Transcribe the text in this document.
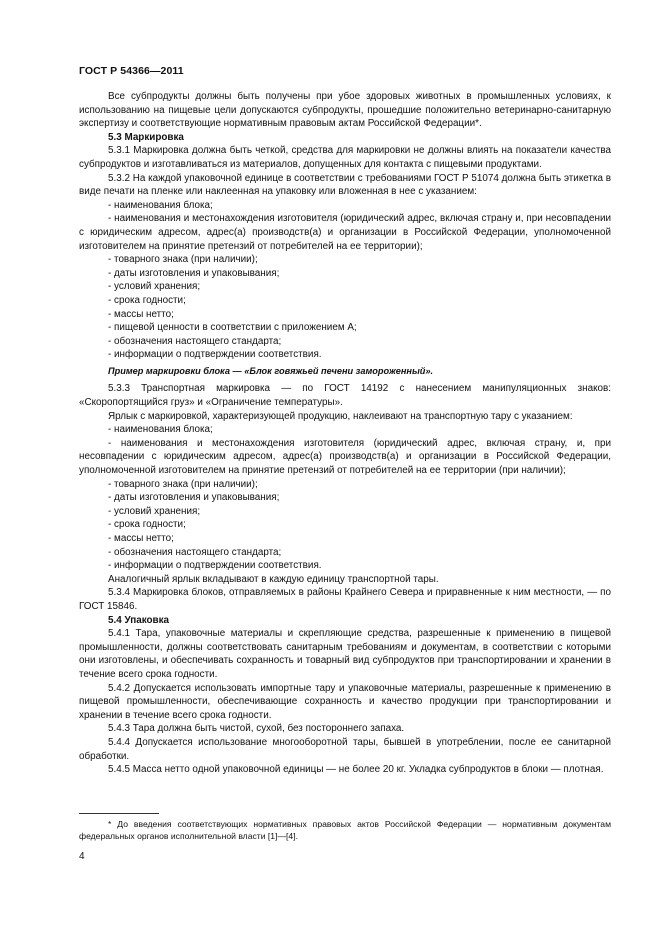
ГОСТ Р 54366—2011

Все субпродукты должны быть получены при убое здоровых животных в промышленных условиях, к использованию на пищевые цели допускаются субпродукты, прошедшие положительно ветеринарно-санитарную экспертизу и соответствующие нормативным правовым актам Российской Федерации*.

5.3 Маркировка

5.3.1 Маркировка должна быть четкой, средства для маркировки не должны влиять на показатели качества субпродуктов и изготавливаться из материалов, допущенных для контакта с пищевыми продуктами.

5.3.2 На каждой упаковочной единице в соответствии с требованиями ГОСТ Р 51074 должна быть этикетка в виде печати на пленке или наклеенная на упаковку или вложенная в нее с указанием:

- наименования блока;

- наименования и местонахождения изготовителя (юридический адрес, включая страну и, при несовпадении с юридическим адресом, адрес(а) производств(а) и организации в Российской Федерации, уполномоченной изготовителем на принятие претензий от потребителей на ее территории);

- товарного знака (при наличии);

- даты изготовления и упаковывания;

- условий хранения;

- срока годности;

- массы нетто;

- пищевой ценности в соответствии с приложением А;

- обозначения настоящего стандарта;

- информации о подтверждении соответствия.

Пример маркировки блока — «Блок говяжьей печени замороженный».

5.3.3 Транспортная маркировка — по ГОСТ 14192 с нанесением манипуляционных знаков: «Скоропортящийся груз» и «Ограничение температуры».

Ярлык с маркировкой, характеризующей продукцию, наклеивают на транспортную тару с указанием:

- наименования блока;

- наименования и местонахождения изготовителя (юридический адрес, включая страну, и, при несовпадении с юридическим адресом, адрес(а) производств(а) и организации в Российской Федерации, уполномоченной изготовителем на принятие претензий от потребителей на ее территории (при наличии);

- товарного знака (при наличии);

- даты изготовления и упаковывания;

- условий хранения;

- срока годности;

- массы нетто;

- обозначения настоящего стандарта;

- информации о подтверждении соответствия.

Аналогичный ярлык вкладывают в каждую единицу транспортной тары.

5.3.4 Маркировка блоков, отправляемых в районы Крайнего Севера и приравненные к ним местности, — по ГОСТ 15846.

5.4 Упаковка

5.4.1 Тара, упаковочные материалы и скрепляющие средства, разрешенные к применению в пищевой промышленности, должны соответствовать санитарным требованиям и документам, в соответствии с которыми они изготовлены, и обеспечивать сохранность и товарный вид субпродуктов при транспортировании и хранении в течение всего срока годности.

5.4.2 Допускается использовать импортные тару и упаковочные материалы, разрешенные к применению в пищевой промышленности, обеспечивающие сохранность и качество продукции при транспортировании и хранении в течение всего срока годности.

5.4.3 Тара должна быть чистой, сухой, без постороннего запаха.

5.4.4 Допускается использование многооборотной тары, бывшей в употреблении, после ее санитарной обработки.

5.4.5 Масса нетто одной упаковочной единицы — не более 20 кг. Укладка субпродуктов в блоки — плотная.

* До введения соответствующих нормативных правовых актов Российской Федерации — нормативным документам федеральных органов исполнительной власти [1]—[4].
4
